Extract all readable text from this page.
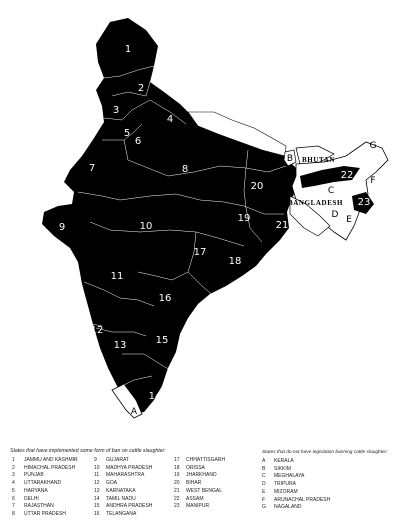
1
2
3
4
5
6
7	8
9	10
11
12
13
14
15
16
17
18
19
20
21
22
23
A
B
C
D E
F
G
NEPAL
BHUTAN
BANGLADESH
States that have implemented some form of ban on cattle slaughter:
1 JAMMU AND KASHMIR
2 HIMACHAL PRADESH
3 PUNJAB
4 UTTARAKHAND
5 HARYANA
6 DELHI
7 RAJASTHAN
8 UTTAR PRADESH
9 GUJARAT
10 MADHYA PRADESH
11 MAHARASHTRA
12 GOA
13 KARNATAKA
14 TAMIL NADU
15 ANDHRA PRADESH
16 TELANGANA
17 CHHATTISGARH
18 ORISSA
19 JHARKHAND
20 BIHAR
21 WEST BENGAL
22 ASSAM
23 MANIPUR
States that do not have legislation banning cattle slaughter:
A KERALA
B SIKKIM
C MEGHALAYA
D TRIPURA
E MIZORAM
F ARUNACHAL PRADESH
G NAGALAND
